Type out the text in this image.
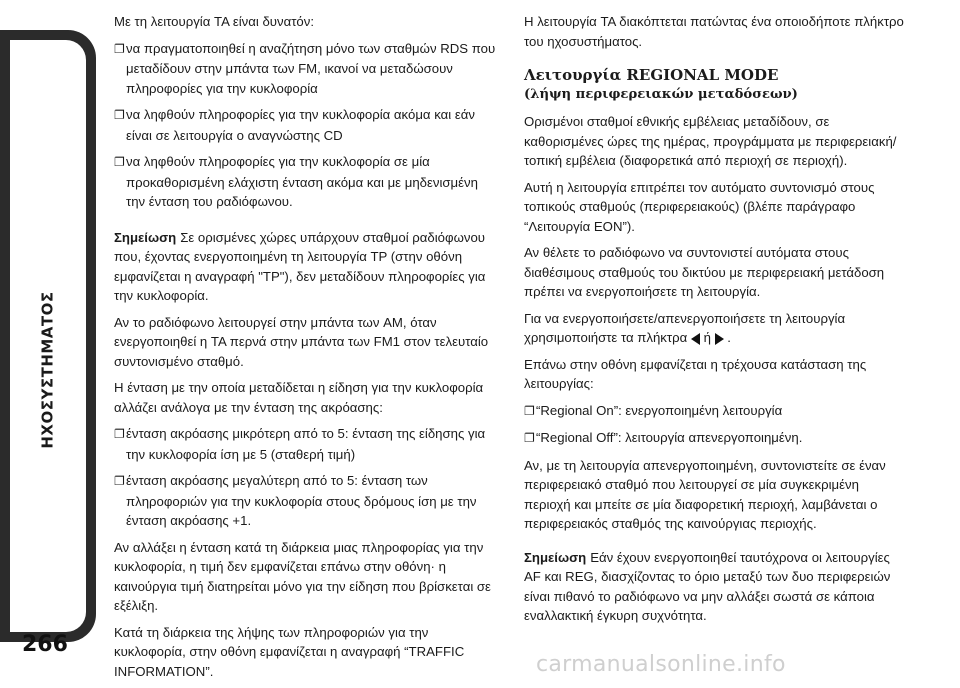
ΗΧΟΣΥΣΤΗΜΑΤΟΣ
266
carmanualsonline.info

Με τη λειτουργία TA είναι δυνατόν:

❐να πραγματοποιηθεί η αναζήτηση μόνο των σταθμών RDS που μεταδίδουν στην μπάντα των FM, ικανοί να μεταδώσουν πληροφορίες για την κυκλοφορία
❐να ληφθούν πληροφορίες για την κυκλοφορία ακόμα και εάν είναι σε λειτουργία ο αναγνώστης CD
❐να ληφθούν πληροφορίες για την κυκλοφορία σε μία προκαθορισμένη ελάχιστη ένταση ακόμα και με μηδενισμένη την ένταση του ραδιόφωνου.

Σημείωση Σε ορισμένες χώρες υπάρχουν σταθμοί ραδιόφωνου που, έχοντας ενεργοποιημένη τη λειτουργία TP (στην οθόνη εμφανίζεται η αναγραφή "TP"), δεν μεταδίδουν πληροφορίες για την κυκλοφορία.

Αν το ραδιόφωνο λειτουργεί στην μπάντα των AM, όταν ενεργοποιηθεί η TA περνά στην μπάντα των FM1 στον τελευταίο συντονισμένο σταθμό.

Η ένταση με την οποία μεταδίδεται η είδηση για την κυκλοφορία αλλάζει ανάλογα με την ένταση της ακρόασης:

❐ένταση ακρόασης μικρότερη από το 5: ένταση της είδησης για την κυκλοφορία ίση με 5 (σταθερή τιμή)
❐ένταση ακρόασης μεγαλύτερη από το 5: ένταση των πληροφοριών για την κυκλοφορία στους δρόμους ίση με την ένταση ακρόασης +1.

Αν αλλάξει η ένταση κατά τη διάρκεια μιας πληροφορίας για την κυκλοφορία, η τιμή δεν εμφανίζεται επάνω στην οθόνη· η καινούργια τιμή διατηρείται μόνο για την είδηση που βρίσκεται σε εξέλιξη.

Κατά τη διάρκεια της λήψης των πληροφοριών για την κυκλοφορία, στην οθόνη εμφανίζεται η αναγραφή “TRAFFIC INFORMATION”.

Η λειτουργία TA διακόπτεται πατώντας ένα οποιοδήποτε πλήκτρο του ηχοσυστήματος.

Λειτουργία REGIONAL MODE
(λήψη περιφερειακών μεταδόσεων)

Ορισμένοι σταθμοί εθνικής εμβέλειας μεταδίδουν, σε καθορισμένες ώρες της ημέρας, προγράμματα με περιφερειακή/τοπική εμβέλεια (διαφορετικά από περιοχή σε περιοχή).

Αυτή η λειτουργία επιτρέπει τον αυτόματο συντονισμό στους τοπικούς σταθμούς (περιφερειακούς) (βλέπε παράγραφο “Λειτουργία EON”).

Αν θέλετε το ραδιόφωνο να συντονιστεί αυτόματα στους διαθέσιμους σταθμούς του δικτύου με περιφερειακή μετάδοση πρέπει να ενεργοποιήσετε τη λειτουργία.

Για να ενεργοποιήσετε/απενεργοποιήσετε τη λειτουργία χρησιμοποιήστε τα πλήκτρα ή .

Επάνω στην οθόνη εμφανίζεται η τρέχουσα κατάσταση της λειτουργίας:

❐“Regional On”: ενεργοποιημένη λειτουργία
❐“Regional Off”: λειτουργία απενεργοποιημένη.

Αν, με τη λειτουργία απενεργοποιημένη, συντονιστείτε σε έναν περιφερειακό σταθμό που λειτουργεί σε μία συγκεκριμένη περιοχή και μπείτε σε μία διαφορετική περιοχή, λαμβάνεται ο περιφερειακός σταθμός της καινούργιας περιοχής.

Σημείωση Εάν έχουν ενεργοποιηθεί ταυτόχρονα οι λειτουργίες AF και REG, διασχίζοντας το όριο μεταξύ των δυο περιφερειών είναι πιθανό το ραδιόφωνο να μην αλλάξει σωστά σε κάποια εναλλακτική έγκυρη συχνότητα.
